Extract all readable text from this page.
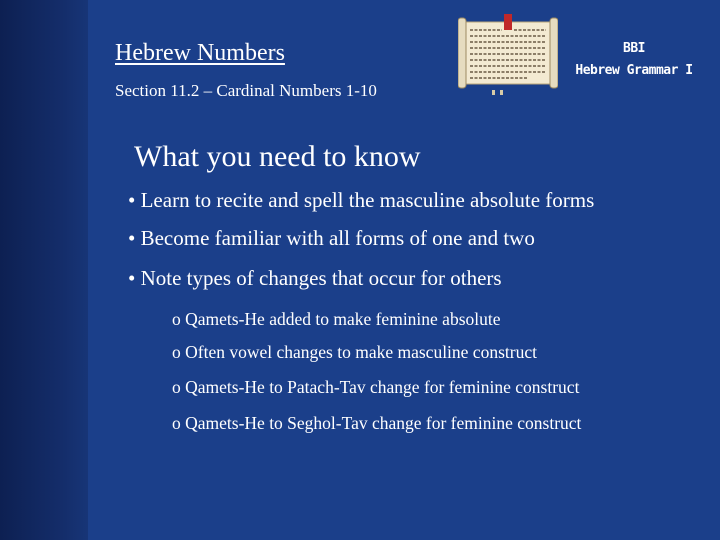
Hebrew Numbers
Section 11.2 – Cardinal Numbers 1-10
BBI
Hebrew Grammar I
What you need to know
• Learn to recite and spell the masculine absolute forms
• Become familiar with all forms of one and two
• Note types of changes that occur for others
o Qamets-He added to make feminine absolute
o Often vowel changes to make masculine construct
o Qamets-He to Patach-Tav change for feminine construct
o Qamets-He to Seghol-Tav change for feminine construct
